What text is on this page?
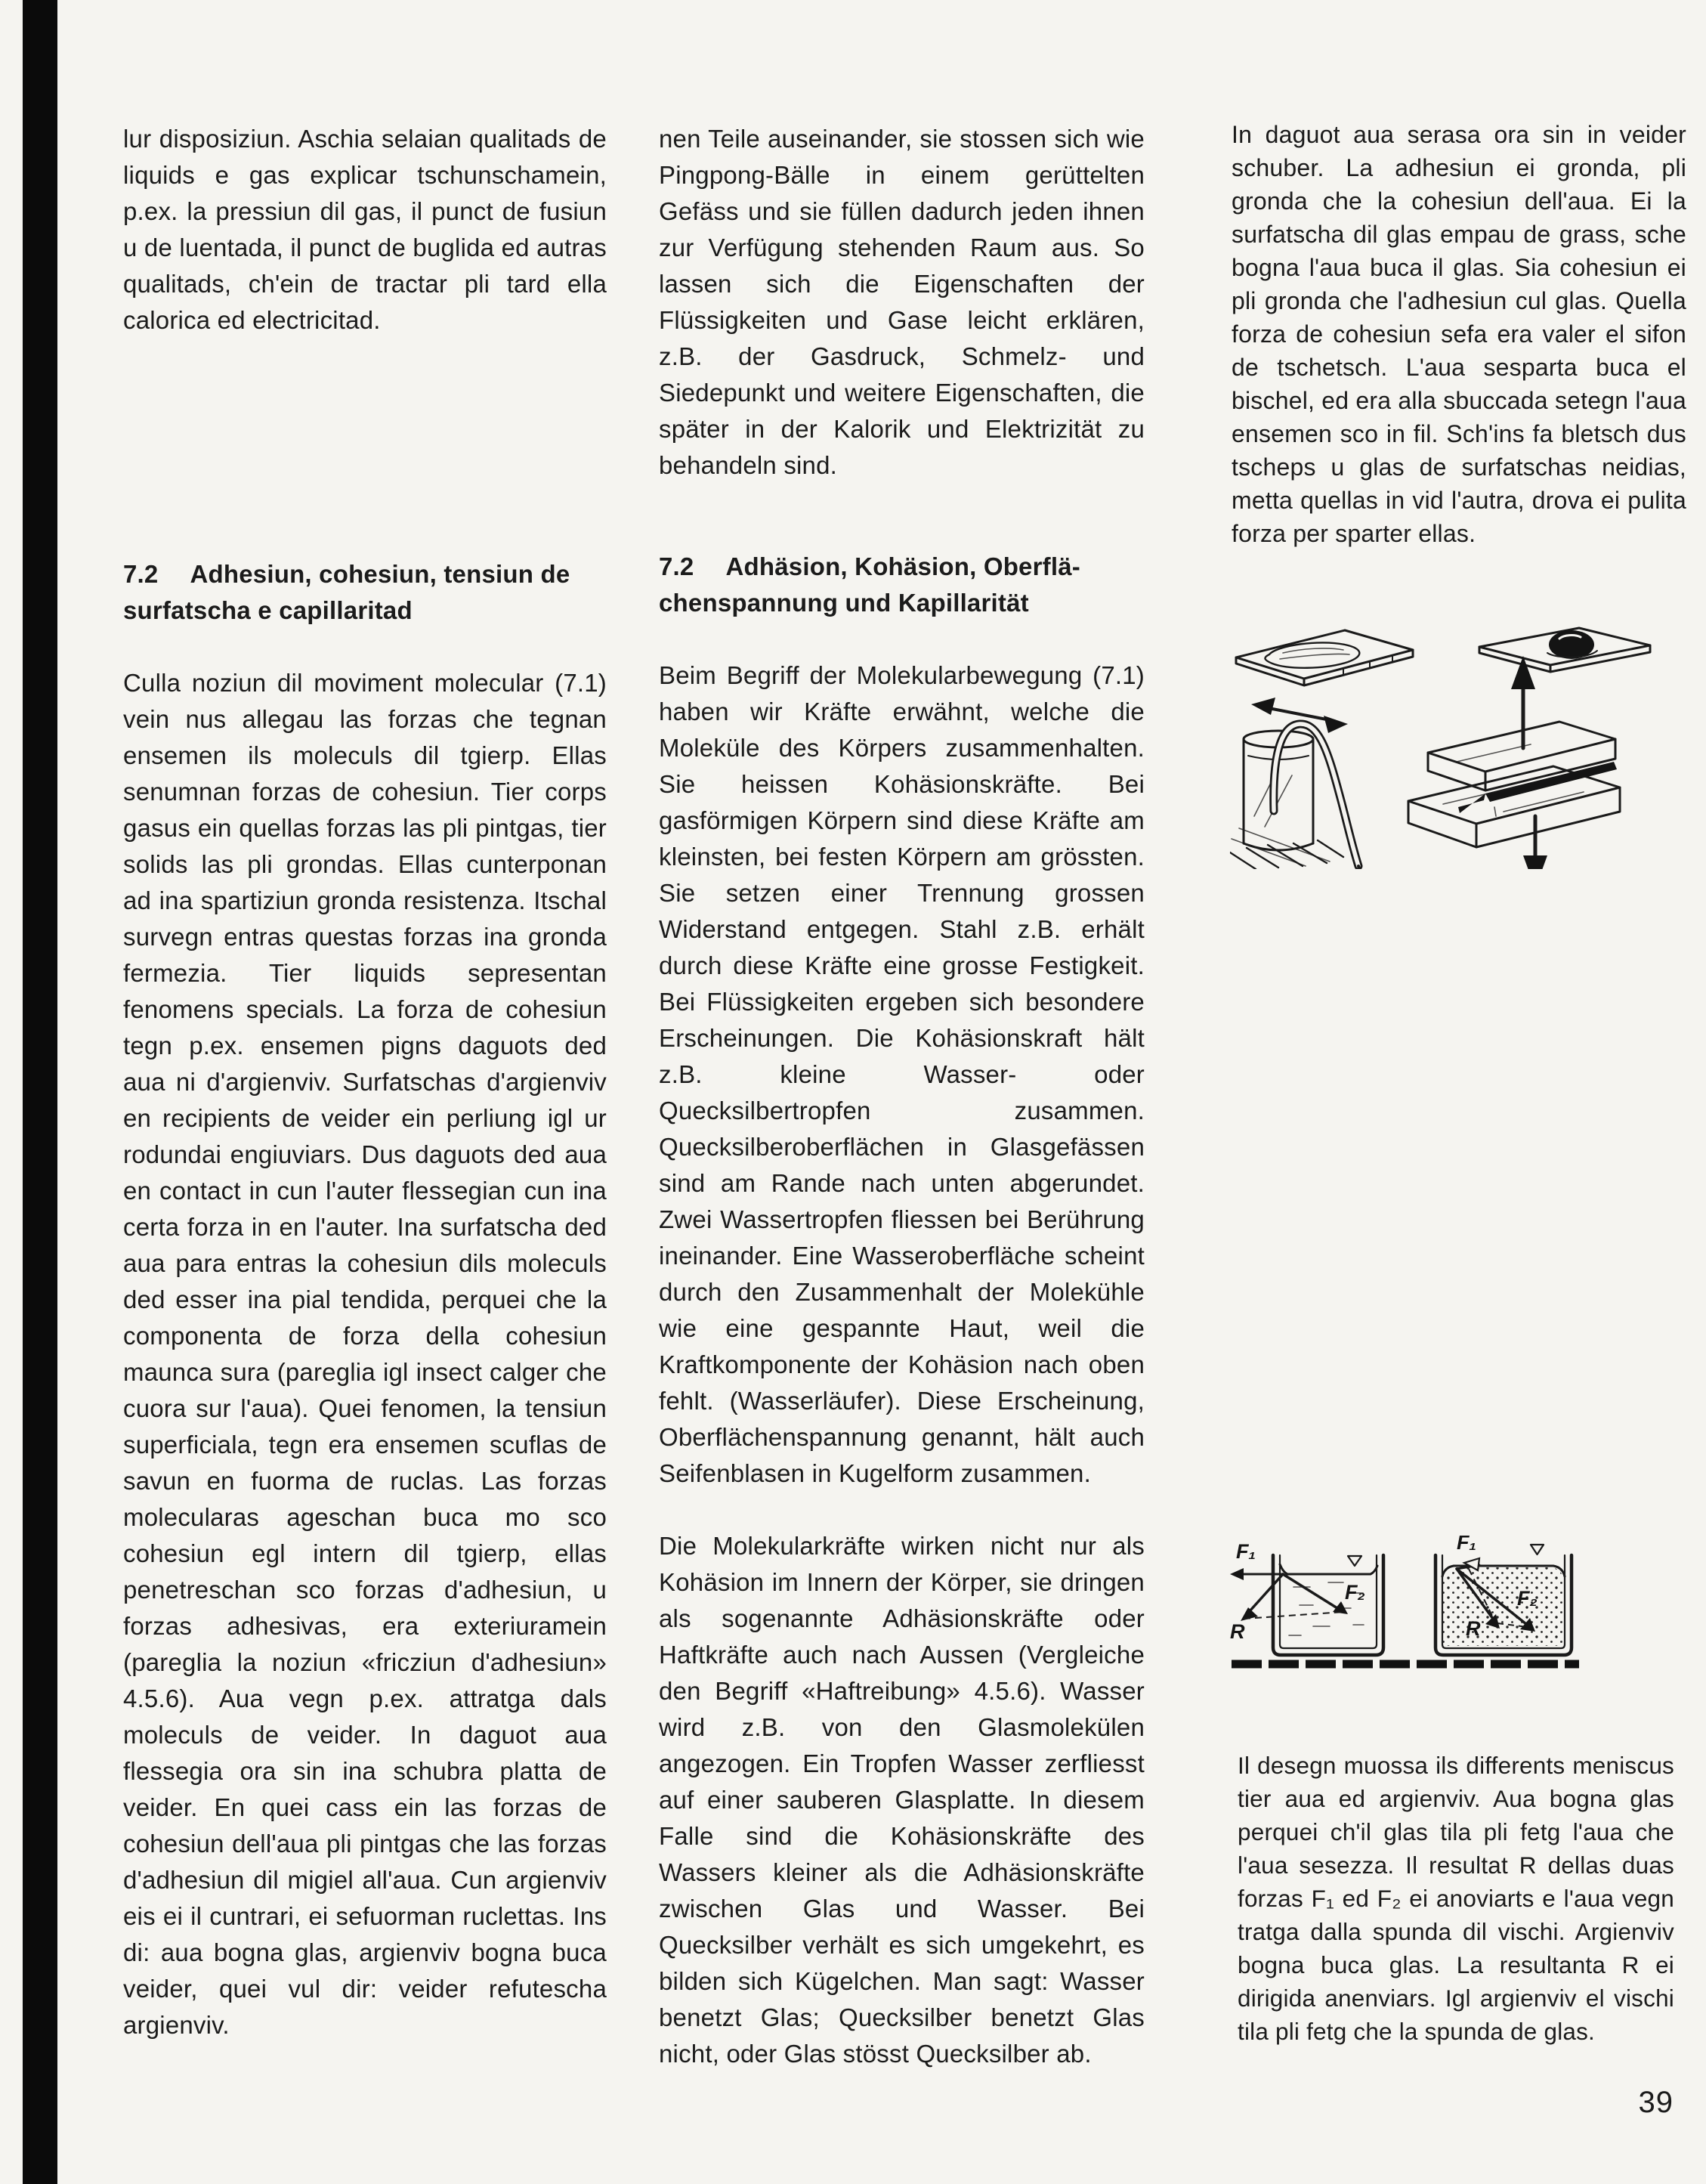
lur disposiziun. Aschia selaian qualitads de liquids e gas explicar tschunschamein, p.ex. la pressiun dil gas, il punct de fusiun u de luentada, il punct de buglida ed autras qualitads, ch'ein de tractar pli tard ella calorica ed electricitad.

7.2 Adhesiun, cohesiun, tensiun de surfatscha e capillaritad

Culla noziun dil moviment molecular (7.1) vein nus allegau las forzas che tegnan ensemen ils moleculs dil tgierp. Ellas senumnan forzas de cohesiun. Tier corps gasus ein quellas forzas las pli pintgas, tier solids las pli grondas. Ellas cunterponan ad ina spartiziun gronda resistenza. Itschal survegn entras questas forzas ina gronda fermezia. Tier liquids sepresentan fenomens specials. La forza de cohesiun tegn p.ex. ensemen pigns daguots ded aua ni d'argienviv. Surfatschas d'argienviv en recipients de veider ein perliung igl ur rodundai engiuviars. Dus daguots ded aua en contact in cun l'auter flessegian cun ina certa forza in en l'auter. Ina surfatscha ded aua para entras la cohesiun dils moleculs ded esser ina pial tendida, perquei che la componenta de forza della cohesiun maunca sura (pareglia igl insect calger che cuora sur l'aua). Quei fenomen, la tensiun superficiala, tegn era ensemen scuflas de savun en fuorma de ruclas. Las forzas molecularas ageschan buca mo sco cohesiun egl intern dil tgierp, ellas penetreschan sco forzas d'adhesiun, u forzas adhesivas, era exteriuramein (pareglia la noziun «fricziun d'adhesiun» 4.5.6). Aua vegn p.ex. attratga dals moleculs de veider. In daguot aua flessegia ora sin ina schubra platta de veider. En quei cass ein las forzas de cohesiun dell'aua pli pintgas che las forzas d'adhesiun dil migiel all'aua. Cun argienviv eis ei il cuntrari, ei sefuorman ruclettas. Ins di: aua bogna glas, argienviv bogna buca veider, quei vul dir: veider refutescha argienviv.

nen Teile auseinander, sie stossen sich wie Pingpong-Bälle in einem gerüttelten Gefäss und sie füllen dadurch jeden ihnen zur Verfügung stehenden Raum aus. So lassen sich die Eigenschaften der Flüssigkeiten und Gase leicht erklären, z.B. der Gasdruck, Schmelz- und Siedepunkt und weitere Eigenschaften, die später in der Kalorik und Elektrizität zu behandeln sind.

7.2 Adhäsion, Kohäsion, Oberflächenspannung und Kapillarität

Beim Begriff der Molekularbewegung (7.1) haben wir Kräfte erwähnt, welche die Moleküle des Körpers zusammenhalten. Sie heissen Kohäsionskräfte. Bei gasförmigen Körpern sind diese Kräfte am kleinsten, bei festen Körpern am grössten. Sie setzen einer Trennung grossen Widerstand entgegen. Stahl z.B. erhält durch diese Kräfte eine grosse Festigkeit. Bei Flüssigkeiten ergeben sich besondere Erscheinungen. Die Kohäsionskraft hält z.B. kleine Wasser- oder Quecksilbertropfen zusammen. Quecksilberoberflächen in Glasgefässen sind am Rande nach unten abgerundet. Zwei Wassertropfen fliessen bei Berührung ineinander. Eine Wasseroberfläche scheint durch den Zusammenhalt der Molekühle wie eine gespannte Haut, weil die Kraftkomponente der Kohäsion nach oben fehlt. (Wasserläufer). Diese Erscheinung, Oberflächenspannung genannt, hält auch Seifenblasen in Kugelform zusammen.

Die Molekularkräfte wirken nicht nur als Kohäsion im Innern der Körper, sie dringen als sogenannte Adhäsionskräfte oder Haftkräfte auch nach Aussen (Vergleiche den Begriff «Haftreibung» 4.5.6). Wasser wird z.B. von den Glasmolekülen angezogen. Ein Tropfen Wasser zerfliesst auf einer sauberen Glasplatte. In diesem Falle sind die Kohäsionskräfte des Wassers kleiner als die Adhäsionskräfte zwischen Glas und Wasser. Bei Quecksilber verhält es sich umgekehrt, es bilden sich Kügelchen. Man sagt: Wasser benetzt Glas; Quecksilber benetzt Glas nicht, oder Glas stösst Quecksilber ab.

In daguot aua serasa ora sin in veider schuber. La adhesiun ei gronda, pli gronda che la cohesiun dell'aua. Ei la surfatscha dil glas empau de grass, sche bogna l'aua buca il glas. Sia cohesiun ei pli gronda che l'adhesiun cul glas. Quella forza de cohesiun sefa era valer el sifon de tschetsch. L'aua sesparta buca el bischel, ed era alla sbuccada setegn l'aua ensemen sco in fil. Sch'ins fa bletsch dus tscheps u glas de surfatschas neidias, metta quellas in vid l'autra, drova ei pulita forza per sparter ellas.

F₁
F₂
R
F₁
F₂
R

Il desegn muossa ils differents meniscus tier aua ed argienviv. Aua bogna glas perquei ch'il glas tila pli fetg l'aua che l'aua sesezza. Il resultat R dellas duas forzas F₁ ed F₂ ei anoviarts e l'aua vegn tratga dalla spunda dil vischi. Argienviv bogna buca glas. La resultanta R ei dirigida anenviars. Igl argienviv el vischi tila pli fetg che la spunda de glas.

39
